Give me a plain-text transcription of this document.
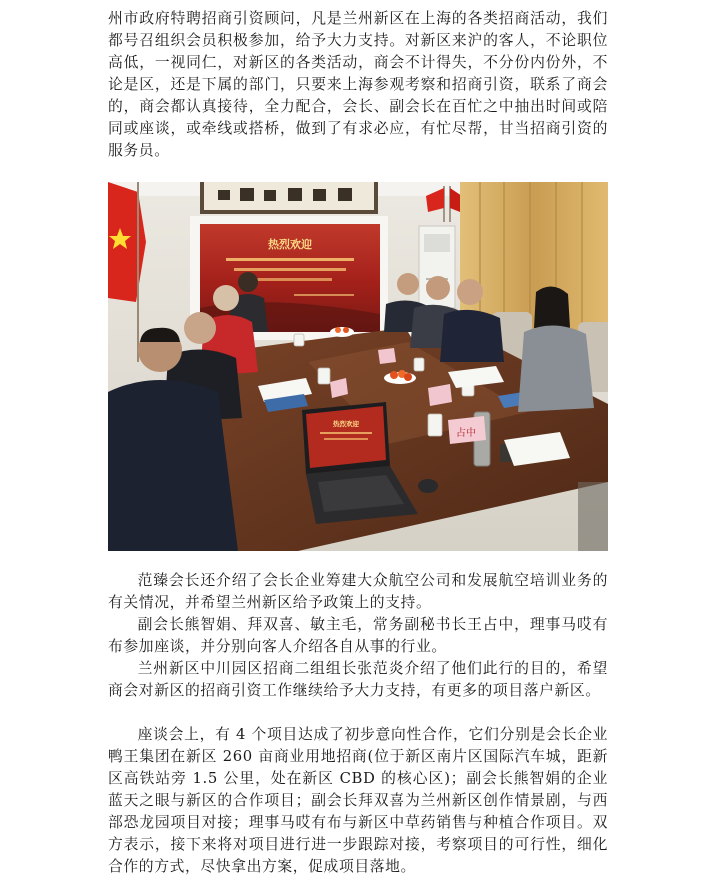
州市政府特聘招商引资顾问，凡是兰州新区在上海的各类招商活动，我们都号召组织会员积极参加，给予大力支持。对新区来沪的客人，不论职位高低，一视同仁，对新区的各类活动，商会不计得失，不分份内份外，不论是区，还是下属的部门，只要来上海参观考察和招商引资，联系了商会的，商会都认真接待，全力配合，会长、副会长在百忙之中抽出时间或陪同或座谈，或牵线或搭桥，做到了有求必应，有忙尽帮，甘当招商引资的服务员。

热烈欢迎
占中
热烈欢迎

范臻会长还介绍了会长企业筹建大众航空公司和发展航空培训业务的有关情况，并希望兰州新区给予政策上的支持。

副会长熊智娟、拜双喜、敏主毛，常务副秘书长王占中，理事马哎有布参加座谈，并分别向客人介绍各自从事的行业。

兰州新区中川园区招商二组组长张范炎介绍了他们此行的目的，希望商会对新区的招商引资工作继续给予大力支持，有更多的项目落户新区。

座谈会上，有 4 个项目达成了初步意向性合作，它们分别是会长企业鸭王集团在新区 260 亩商业用地招商(位于新区南片区国际汽车城，距新区高铁站旁 1.5 公里，处在新区 CBD 的核心区)；副会长熊智娟的企业蓝天之眼与新区的合作项目；副会长拜双喜为兰州新区创作情景剧，与西部恐龙园项目对接；理事马哎有布与新区中草药销售与种植合作项目。双方表示，接下来将对项目进行进一步跟踪对接，考察项目的可行性，细化合作的方式，尽快拿出方案，促成项目落地。
